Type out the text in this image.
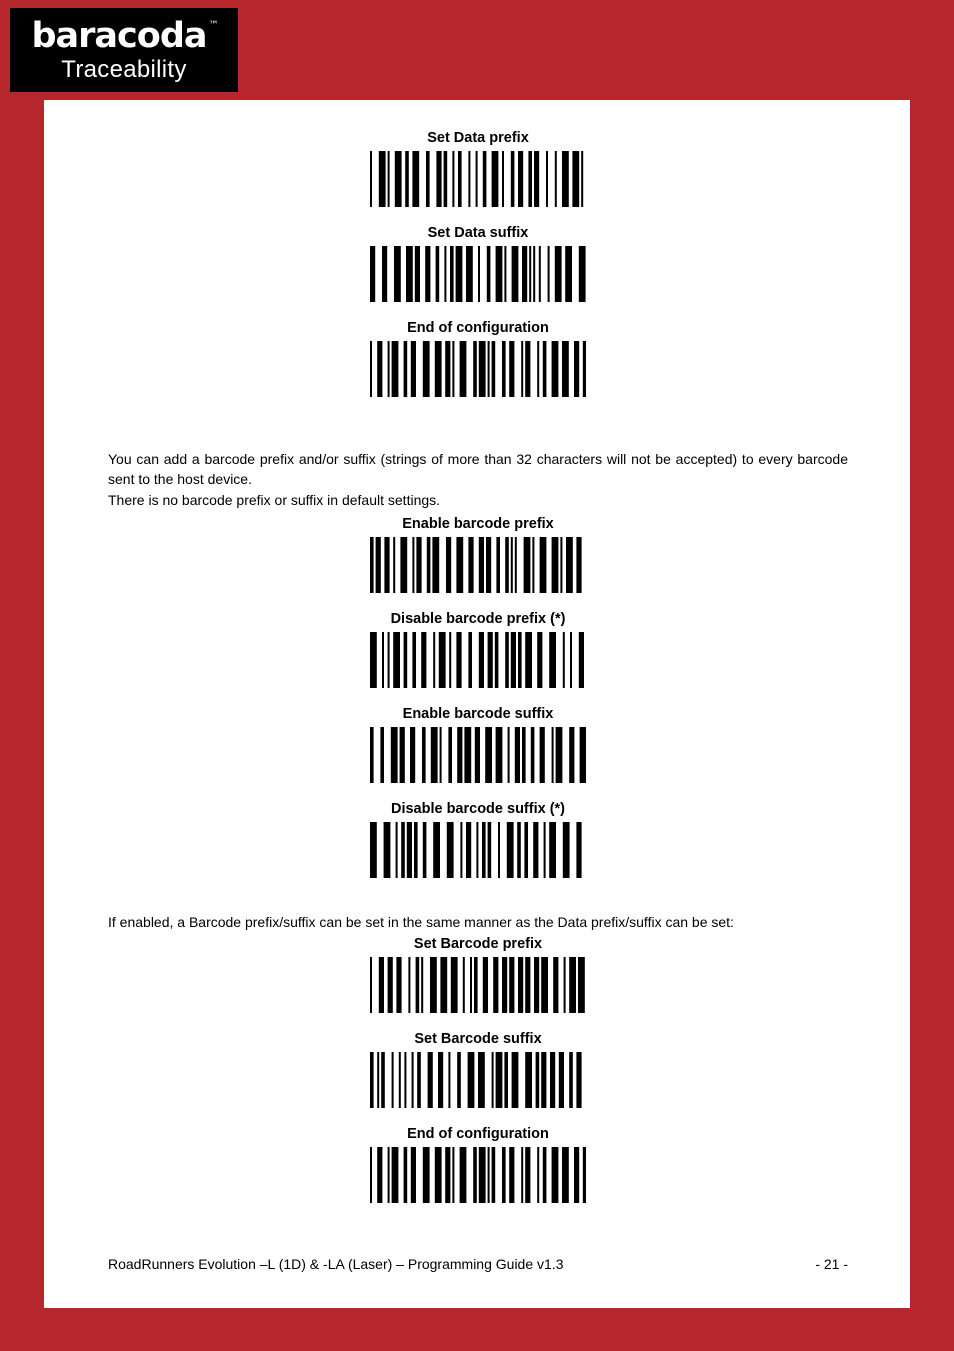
baracoda ™
Traceability

Set Data prefix

Set Data suffix

End of configuration

You can add a barcode prefix and/or suffix (strings of more than 32 characters will not be accepted) to every barcode sent to the host device.

There is no barcode prefix or suffix in default settings.

Enable barcode prefix

Disable barcode prefix (*)

Enable barcode suffix

Disable barcode suffix (*)

If enabled, a Barcode prefix/suffix can be set in the same manner as the Data prefix/suffix can be set:

Set Barcode prefix

Set Barcode suffix

End of configuration

RoadRunners Evolution –L (1D) & -LA (Laser) – Programming Guide v1.3	- 21 -
